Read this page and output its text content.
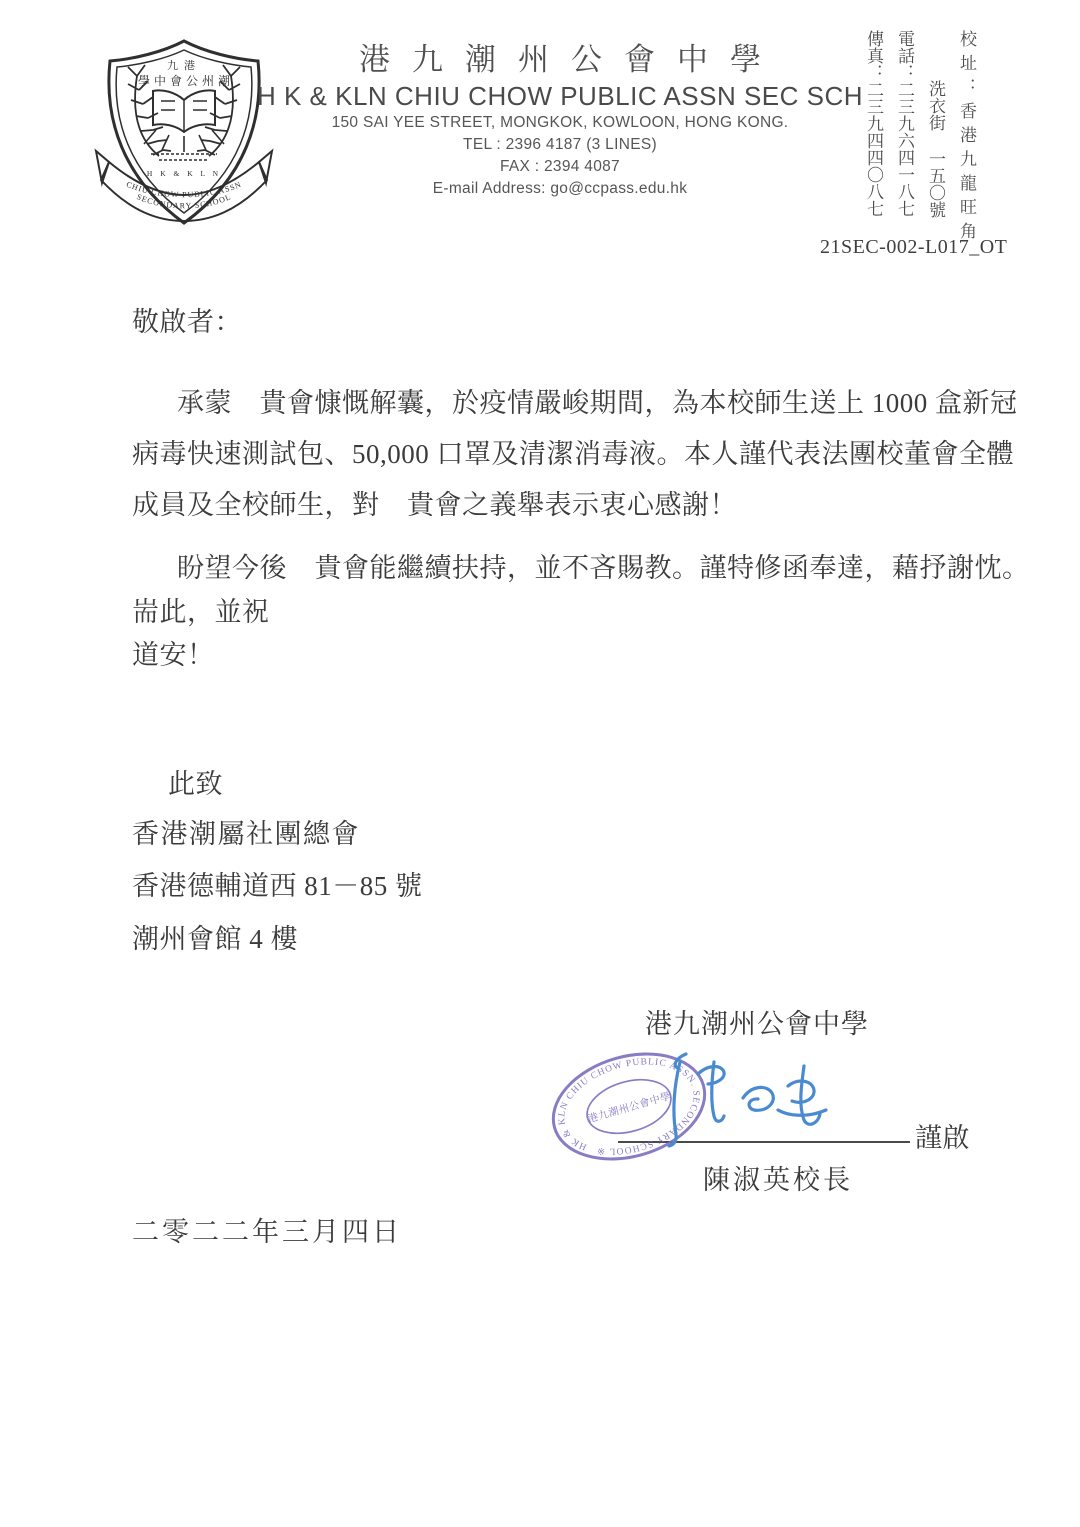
九港
學中會公州潮
H K & K L N
CHIU CHOW PUBLIC ASSN
SECONDARY SCHOOL
港九潮州公會中學
H K & KLN CHIU CHOW PUBLIC ASSN SEC SCH
150 SAI YEE STREET, MONGKOK, KOWLOON, HONG KONG.
TEL : 2396 4187 (3 LINES)
FAX : 2394 4087
E-mail Address: go@ccpass.edu.hk	校址：香港九龍旺角
洗衣街 一五〇號
電話：二三九六四一八七
傳真：二三九四四〇八七
21SEC-002-L017_OT
敬啟者：
承蒙　貴會慷慨解囊，於疫情嚴峻期間，為本校師生送上 1000 盒新冠
病毒快速測試包、50,000 口罩及清潔消毒液。本人謹代表法團校董會全體
成員及全校師生，對　貴會之義舉表示衷心感謝！
盼望今後　貴會能繼續扶持，並不吝賜教。謹特修函奉達，藉抒謝忱。
耑此，並祝
道安！
此致
香港潮屬社團總會
香港德輔道西 81－85 號
潮州會館 4 樓
港九潮州公會中學
HK & KLN CHIU CHOW PUBLIC ASSN. SECONDARY SCHOOL ※
港九潮州公會中學
謹啟
陳淑英校長
二零二二年三月四日
